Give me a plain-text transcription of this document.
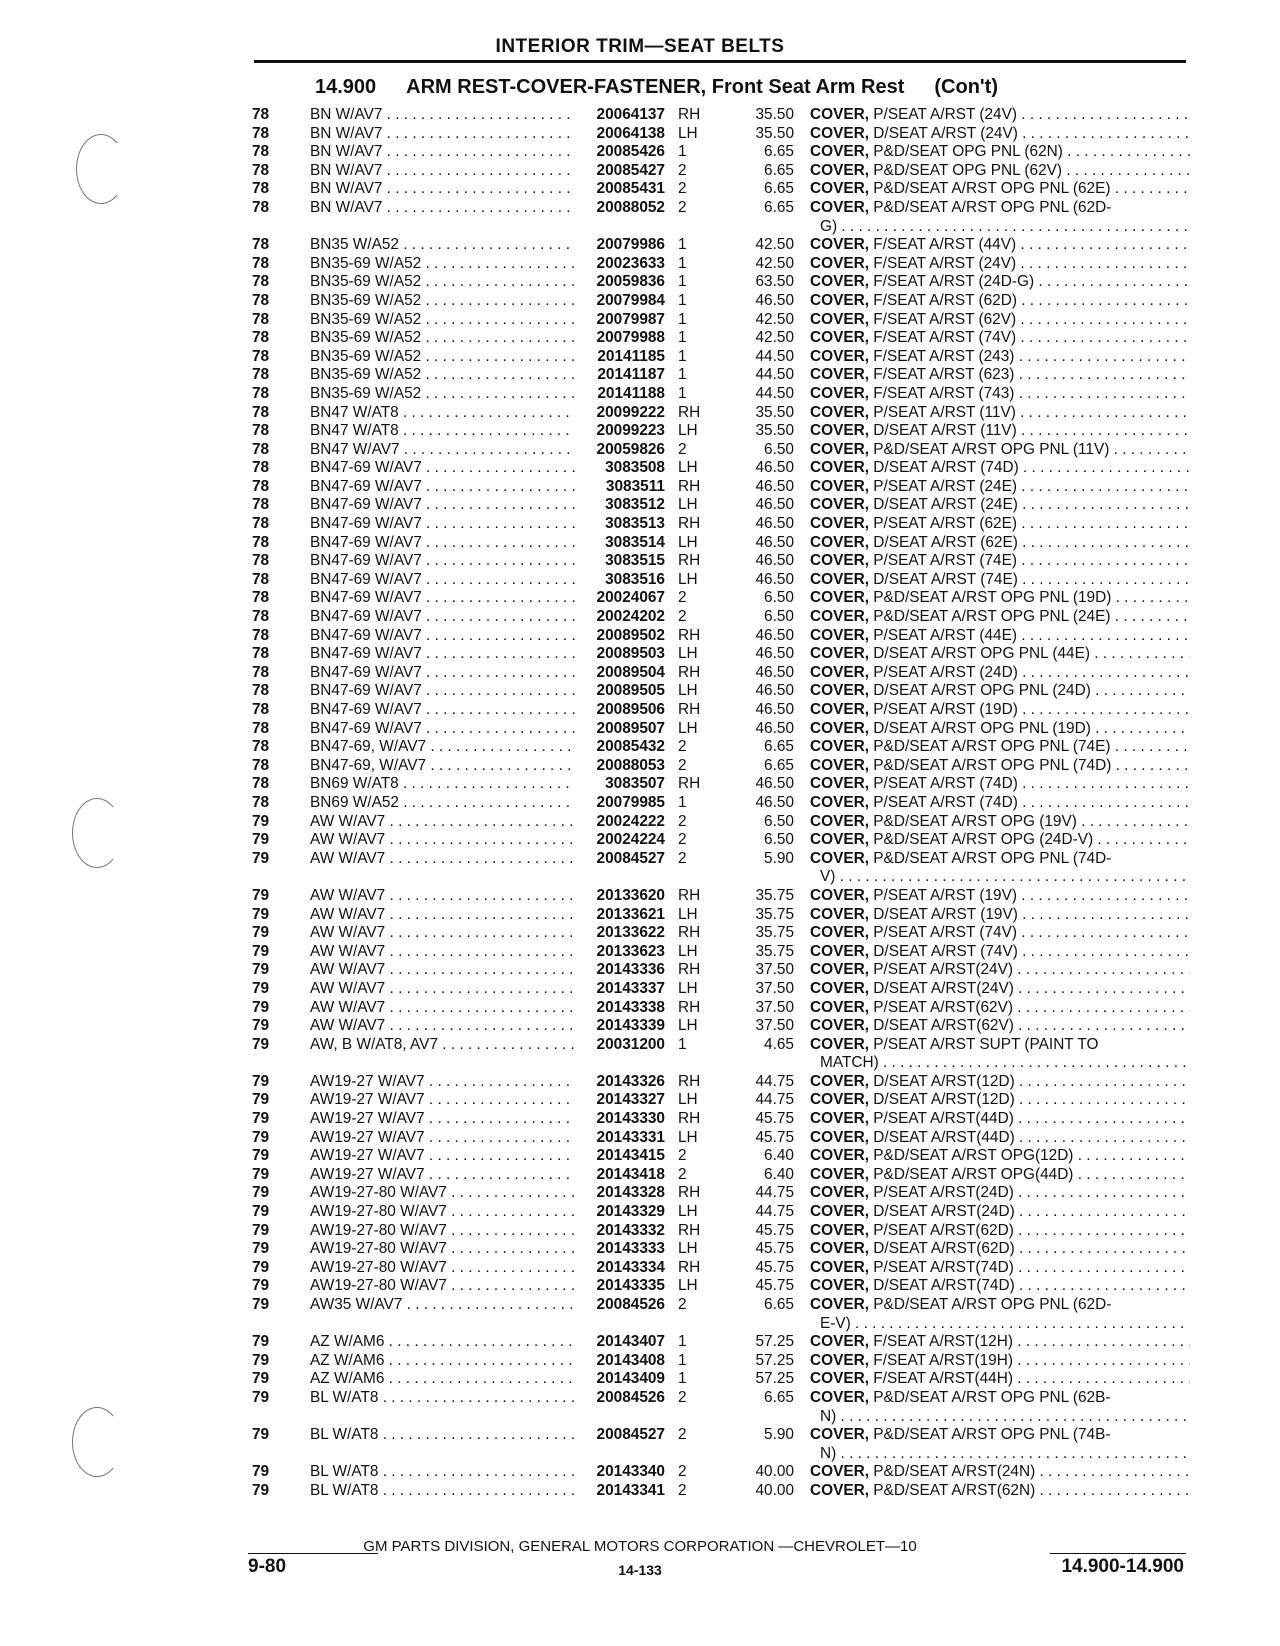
INTERIOR TRIM—SEAT BELTS
14.900 ARM REST-COVER-FASTENER, Front Seat Arm Rest (Con't)
78	BN W/AV7 . . .	20064137 RH	35.50 COVER, P/SEAT A/RST (24V) . . .
78	BN W/AV7 . . .	20064138 LH	35.50 COVER, D/SEAT A/RST (24V) . . .
78	BN W/AV7 . . .	20085426 1	6.65 COVER, P&D/SEAT OPG PNL (62N) . . .
78	BN W/AV7 . . .	20085427 2	6.65 COVER, P&D/SEAT OPG PNL (62V) . . .
78	BN W/AV7 . . .	20085431 2	6.65 COVER, P&D/SEAT A/RST OPG PNL (62E) . . .
78	BN W/AV7 . . .	20088052 2	6.65 COVER, P&D/SEAT A/RST OPG PNL (62D-
G) . . .
78	BN35 W/A52 . . .	20079986 1	42.50 COVER, F/SEAT A/RST (44V) . . .
78	BN35-69 W/A52 . . .	20023633 1	42.50 COVER, F/SEAT A/RST (24V) . . .
78	BN35-69 W/A52 . . .	20059836 1	63.50 COVER, F/SEAT A/RST (24D-G) . . .
78	BN35-69 W/A52 . . .	20079984 1	46.50 COVER, F/SEAT A/RST (62D) . . .
78	BN35-69 W/A52 . . .	20079987 1	42.50 COVER, F/SEAT A/RST (62V) . . .
78	BN35-69 W/A52 . . .	20079988 1	42.50 COVER, F/SEAT A/RST (74V) . . .
78	BN35-69 W/A52 . . .	20141185 1	44.50 COVER, F/SEAT A/RST (243) . . .
78	BN35-69 W/A52 . . .	20141187 1	44.50 COVER, F/SEAT A/RST (623) . . .
78	BN35-69 W/A52 . . .	20141188 1	44.50 COVER, F/SEAT A/RST (743) . . .
78	BN47 W/AT8 . . .	20099222 RH	35.50 COVER, P/SEAT A/RST (11V) . . .
78	BN47 W/AT8 . . .	20099223 LH	35.50 COVER, D/SEAT A/RST (11V) . . .
78	BN47 W/AV7 . . .	20059826 2	6.50 COVER, P&D/SEAT A/RST OPG PNL (11V) . . .
78	BN47-69 W/AV7 . . .	3083508 LH	46.50 COVER, D/SEAT A/RST (74D) . . .
78	BN47-69 W/AV7 . . .	3083511 RH	46.50 COVER, P/SEAT A/RST (24E) . . .
78	BN47-69 W/AV7 . . .	3083512 LH	46.50 COVER, D/SEAT A/RST (24E) . . .
78	BN47-69 W/AV7 . . .	3083513 RH	46.50 COVER, P/SEAT A/RST (62E) . . .
78	BN47-69 W/AV7 . . .	3083514 LH	46.50 COVER, D/SEAT A/RST (62E) . . .
78	BN47-69 W/AV7 . . .	3083515 RH	46.50 COVER, P/SEAT A/RST (74E) . . .
78	BN47-69 W/AV7 . . .	3083516 LH	46.50 COVER, D/SEAT A/RST (74E) . . .
78	BN47-69 W/AV7 . . .	20024067 2	6.50 COVER, P&D/SEAT A/RST OPG PNL (19D) . . .
78	BN47-69 W/AV7 . . .	20024202 2	6.50 COVER, P&D/SEAT A/RST OPG PNL (24E) . . .
78	BN47-69 W/AV7 . . .	20089502 RH	46.50 COVER, P/SEAT A/RST (44E) . . .
78	BN47-69 W/AV7 . . .	20089503 LH	46.50 COVER, D/SEAT A/RST OPG PNL (44E) . . .
78	BN47-69 W/AV7 . . .	20089504 RH	46.50 COVER, P/SEAT A/RST (24D) . . .
78	BN47-69 W/AV7 . . .	20089505 LH	46.50 COVER, D/SEAT A/RST OPG PNL (24D) . . .
78	BN47-69 W/AV7 . . .	20089506 RH	46.50 COVER, P/SEAT A/RST (19D) . . .
78	BN47-69 W/AV7 . . .	20089507 LH	46.50 COVER, D/SEAT A/RST OPG PNL (19D) . . .
78	BN47-69, W/AV7 . . .	20085432 2	6.65 COVER, P&D/SEAT A/RST OPG PNL (74E) . . .
78	BN47-69, W/AV7 . . .	20088053 2	6.65 COVER, P&D/SEAT A/RST OPG PNL (74D) . . .
78	BN69 W/AT8 . . .	3083507 RH	46.50 COVER, P/SEAT A/RST (74D) . . .
78	BN69 W/A52 . . .	20079985 1	46.50 COVER, P/SEAT A/RST (74D) . . .
79	AW W/AV7 . . .	20024222 2	6.50 COVER, P&D/SEAT A/RST OPG (19V) . . .
79	AW W/AV7 . . .	20024224 2	6.50 COVER, P&D/SEAT A/RST OPG (24D-V) . . .
79	AW W/AV7 . . .	20084527 2	5.90 COVER, P&D/SEAT A/RST OPG PNL (74D-
V) . . .
79	AW W/AV7 . . .	20133620 RH	35.75 COVER, P/SEAT A/RST (19V) . . .
79	AW W/AV7 . . .	20133621 LH	35.75 COVER, D/SEAT A/RST (19V) . . .
79	AW W/AV7 . . .	20133622 RH	35.75 COVER, P/SEAT A/RST (74V) . . .
79	AW W/AV7 . . .	20133623 LH	35.75 COVER, D/SEAT A/RST (74V) . . .
79	AW W/AV7 . . .	20143336 RH	37.50 COVER, P/SEAT A/RST(24V) . . .
79	AW W/AV7 . . .	20143337 LH	37.50 COVER, D/SEAT A/RST(24V) . . .
79	AW W/AV7 . . .	20143338 RH	37.50 COVER, P/SEAT A/RST(62V) . . .
79	AW W/AV7 . . .	20143339 LH	37.50 COVER, D/SEAT A/RST(62V) . . .
79	AW, B W/AT8, AV7 . . .	20031200 1	4.65 COVER, P/SEAT A/RST SUPT (PAINT TO
MATCH) . . .
79	AW19-27 W/AV7 . . .	20143326 RH	44.75 COVER, D/SEAT A/RST(12D) . . .
79	AW19-27 W/AV7 . . .	20143327 LH	44.75 COVER, D/SEAT A/RST(12D) . . .
79	AW19-27 W/AV7 . . .	20143330 RH	45.75 COVER, P/SEAT A/RST(44D) . . .
79	AW19-27 W/AV7 . . .	20143331 LH	45.75 COVER, D/SEAT A/RST(44D) . . .
79	AW19-27 W/AV7 . . .	20143415 2	6.40 COVER, P&D/SEAT A/RST OPG(12D) . . .
79	AW19-27 W/AV7 . . .	20143418 2	6.40 COVER, P&D/SEAT A/RST OPG(44D) . . .
79	AW19-27-80 W/AV7 . . .	20143328 RH	44.75 COVER, P/SEAT A/RST(24D) . . .
79	AW19-27-80 W/AV7 . . .	20143329 LH	44.75 COVER, D/SEAT A/RST(24D) . . .
79	AW19-27-80 W/AV7 . . .	20143332 RH	45.75 COVER, P/SEAT A/RST(62D) . . .
79	AW19-27-80 W/AV7 . . .	20143333 LH	45.75 COVER, D/SEAT A/RST(62D) . . .
79	AW19-27-80 W/AV7 . . .	20143334 RH	45.75 COVER, P/SEAT A/RST(74D) . . .
79	AW19-27-80 W/AV7 . . .	20143335 LH	45.75 COVER, D/SEAT A/RST(74D) . . .
79	AW35 W/AV7 . . .	20084526 2	6.65 COVER, P&D/SEAT A/RST OPG PNL (62D-
E-V) . . .
79	AZ W/AM6 . . .	20143407 1	57.25 COVER, F/SEAT A/RST(12H) . . .
79	AZ W/AM6 . . .	20143408 1	57.25 COVER, F/SEAT A/RST(19H) . . .
79	AZ W/AM6 . . .	20143409 1	57.25 COVER, F/SEAT A/RST(44H) . . .
79	BL W/AT8 . . .	20084526 2	6.65 COVER, P&D/SEAT A/RST OPG PNL (62B-
N) . . .
79	BL W/AT8 . . .	20084527 2	5.90 COVER, P&D/SEAT A/RST OPG PNL (74B-
N) . . .
79	BL W/AT8 . . .	20143340 2	40.00 COVER, P&D/SEAT A/RST(24N) . . .
79	BL W/AT8 . . .	20143341 2	40.00 COVER, P&D/SEAT A/RST(62N) . . .
GM PARTS DIVISION, GENERAL MOTORS CORPORATION —CHEVROLET—10
9-80	14-133	14.900-14.900
